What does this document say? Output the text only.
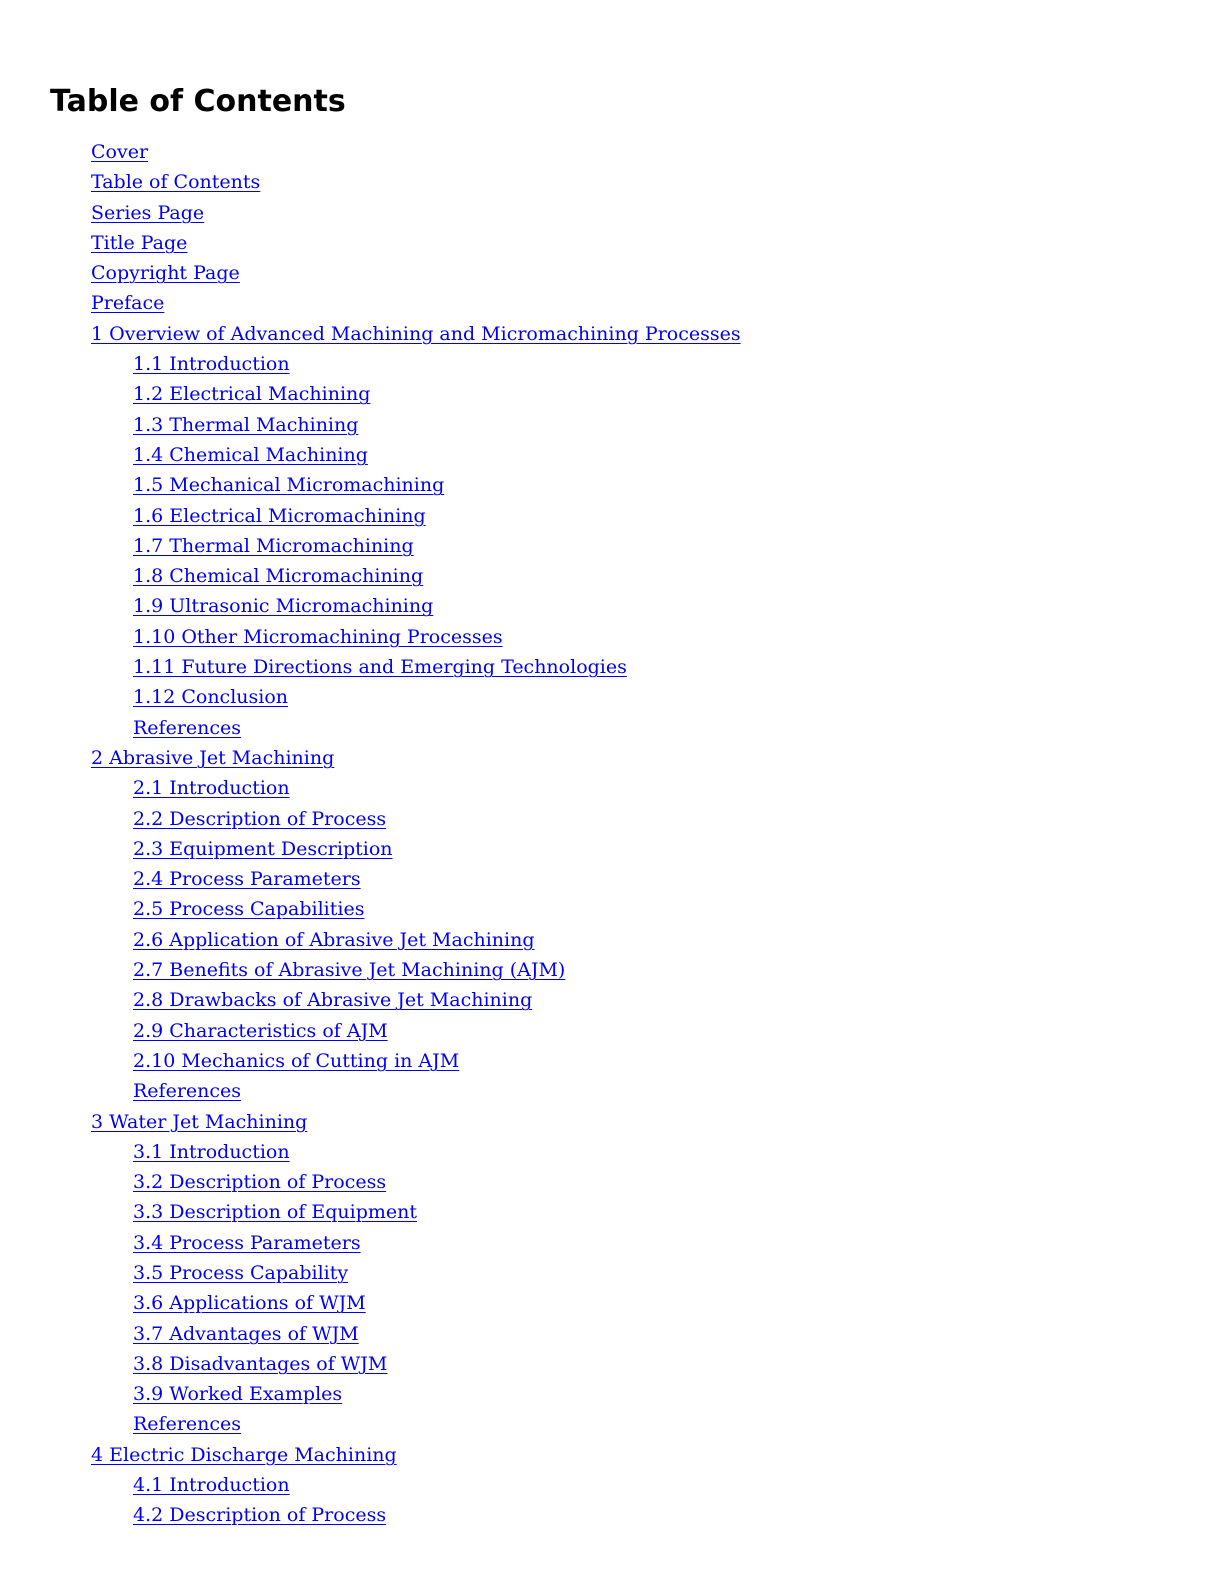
Table of Contents
Cover
Table of Contents
Series Page
Title Page
Copyright Page
Preface
1 Overview of Advanced Machining and Micromachining Processes
1.1 Introduction
1.2 Electrical Machining
1.3 Thermal Machining
1.4 Chemical Machining
1.5 Mechanical Micromachining
1.6 Electrical Micromachining
1.7 Thermal Micromachining
1.8 Chemical Micromachining
1.9 Ultrasonic Micromachining
1.10 Other Micromachining Processes
1.11 Future Directions and Emerging Technologies
1.12 Conclusion
References
2 Abrasive Jet Machining
2.1 Introduction
2.2 Description of Process
2.3 Equipment Description
2.4 Process Parameters
2.5 Process Capabilities
2.6 Application of Abrasive Jet Machining
2.7 Benefits of Abrasive Jet Machining (AJM)
2.8 Drawbacks of Abrasive Jet Machining
2.9 Characteristics of AJM
2.10 Mechanics of Cutting in AJM
References
3 Water Jet Machining
3.1 Introduction
3.2 Description of Process
3.3 Description of Equipment
3.4 Process Parameters
3.5 Process Capability
3.6 Applications of WJM
3.7 Advantages of WJM
3.8 Disadvantages of WJM
3.9 Worked Examples
References
4 Electric Discharge Machining
4.1 Introduction
4.2 Description of Process
